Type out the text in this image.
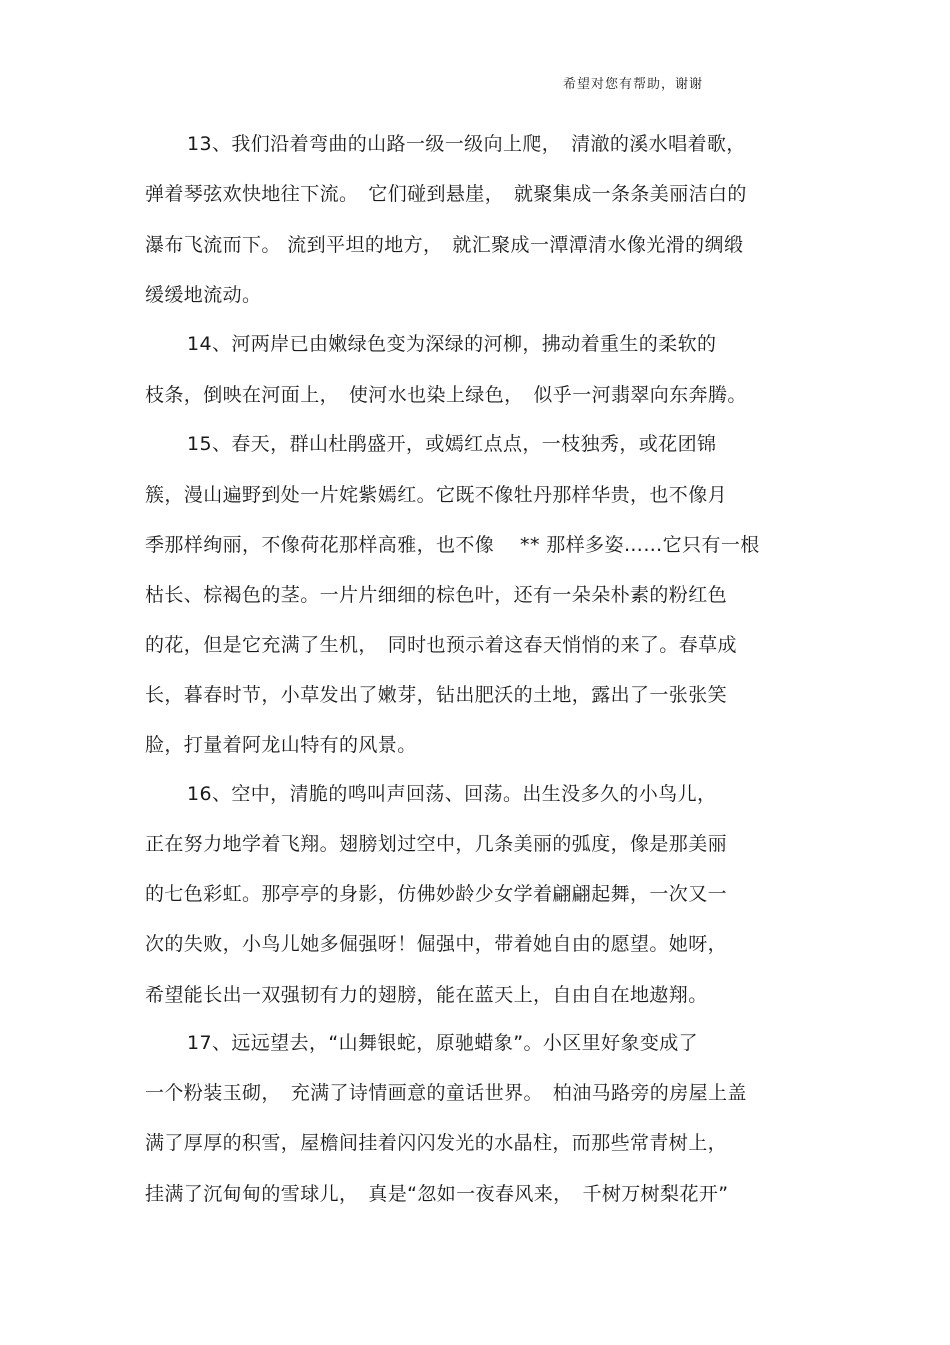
希望对您有帮助，谢谢
13、我们沿着弯曲的山路一级一级向上爬，　清澈的溪水唱着歌，
弹着琴弦欢快地往下流。　它们碰到悬崖，　就聚集成一条条美丽洁白的
瀑布飞流而下。 流到平坦的地方，　就汇聚成一潭潭清水像光滑的绸缎
缓缓地流动。
14、河两岸已由嫩绿色变为深绿的河柳，拂动着重生的柔软的
枝条，倒映在河面上，　使河水也染上绿色，　似乎一河翡翠向东奔腾。
15、春天，群山杜鹃盛开，或嫣红点点，一枝独秀，或花团锦
簇，漫山遍野到处一片姹紫嫣红。它既不像牡丹那样华贵，也不像月
季那样绚丽，不像荷花那样高雅，也不像　 ** 那样多姿……它只有一根
枯长、棕褐色的茎。一片片细细的棕色叶，还有一朵朵朴素的粉红色
的花，但是它充满了生机，　同时也预示着这春天悄悄的来了。春草成
长，暮春时节，小草发出了嫩芽，钻出肥沃的土地，露出了一张张笑
脸，打量着阿龙山特有的风景。
16、空中，清脆的鸣叫声回荡、回荡。出生没多久的小鸟儿，
正在努力地学着飞翔。翅膀划过空中，几条美丽的弧度，像是那美丽
的七色彩虹。那亭亭的身影，仿佛妙龄少女学着翩翩起舞，一次又一
次的失败，小鸟儿她多倔强呀！倔强中，带着她自由的愿望。她呀，
希望能长出一双强韧有力的翅膀，能在蓝天上，自由自在地遨翔。
17、远远望去，“山舞银蛇，原驰蜡象”。小区里好象变成了
一个粉装玉砌，　充满了诗情画意的童话世界。　柏油马路旁的房屋上盖
满了厚厚的积雪，屋檐间挂着闪闪发光的水晶柱，而那些常青树上，
挂满了沉甸甸的雪球儿，　真是“忽如一夜春风来，　千树万树梨花开”
